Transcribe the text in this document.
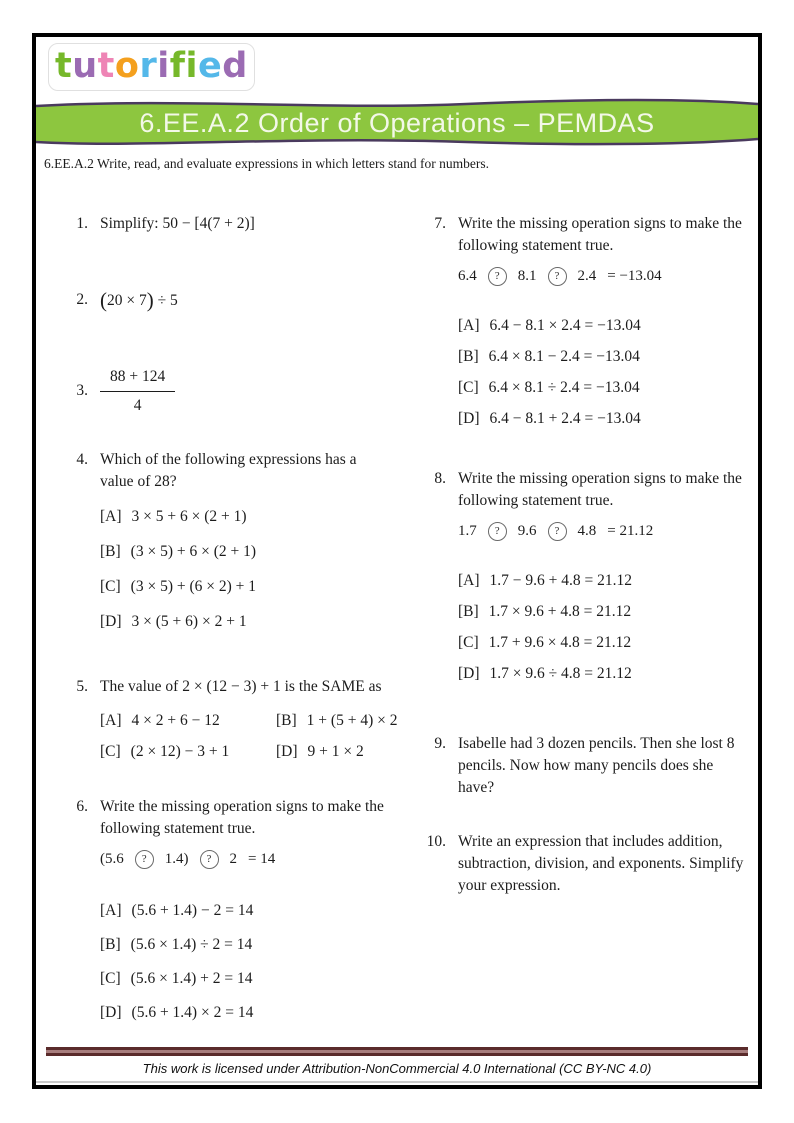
tutorified
6.EE.A.2 Order of Operations – PEMDAS
6.EE.A.2 Write, read, and evaluate expressions in which letters stand for numbers.
1. Simplify: 50 − [4(7 + 2)]
2. (20 × 7) ÷ 5
3. $\frac{88 + 124}{4}$
4. Which of the following expressions has a
value of 28?
[A] 3 × 5 + 6 × (2 + 1)
[B] (3 × 5) + 6 × (2 + 1)
[C] (3 × 5) + (6 × 2) + 1
[D] 3 × (5 + 6) × 2 + 1
5. The value of 2 × (12 − 3) + 1 is the SAME as
[A] 4 × 2 + 6 − 12	[B] 1 + (5 + 4) × 2
[C] (2 × 12) − 3 + 1	[D] 9 + 1 × 2
6. Write the missing operation signs to make the
following statement true.
(5.6	?	1.4)	?	2 = 14
[A] (5.6 + 1.4) − 2 = 14
[B] (5.6 × 1.4) ÷ 2 = 14
[C] (5.6 × 1.4) + 2 = 14
[D] (5.6 + 1.4) × 2 = 14
7. Write the missing operation signs to make the
following statement true.
6.4	?	8.1	?	2.4 = −13.04
[A] 6.4 − 8.1 × 2.4 = −13.04
[B] 6.4 × 8.1 − 2.4 = −13.04
[C] 6.4 × 8.1 ÷ 2.4 = −13.04
[D] 6.4 − 8.1 + 2.4 = −13.04
8. Write the missing operation signs to make the
following statement true.
1.7	?	9.6	?	4.8 = 21.12
[A] 1.7 − 9.6 + 4.8 = 21.12
[B] 1.7 × 9.6 + 4.8 = 21.12
[C] 1.7 + 9.6 × 4.8 = 21.12
[D] 1.7 × 9.6 ÷ 4.8 = 21.12
9. Isabelle had 3 dozen pencils. Then she lost 8
pencils. Now how many pencils does she
have?
10. Write an expression that includes addition,
subtraction, division, and exponents. Simplify
your expression.
This work is licensed under Attribution-NonCommercial 4.0 International (CC BY-NC 4.0)
